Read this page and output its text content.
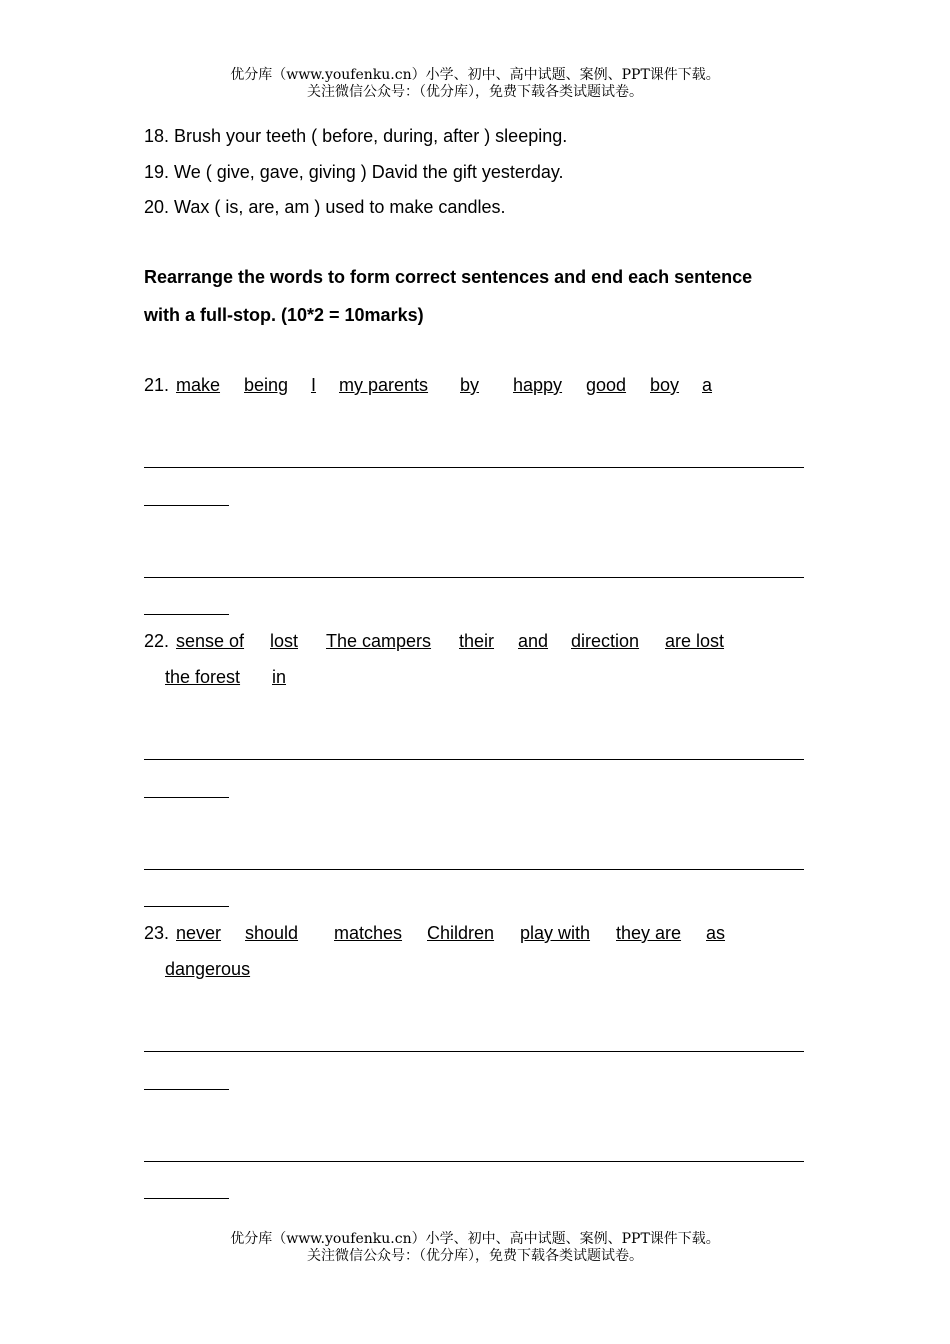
优分库（www.youfenku.cn）小学、初中、高中试题、案例、PPT课件下载。
关注微信公众号：（优分库），免费下载各类试题试卷。
18. Brush your teeth ( before, during, after ) sleeping.
19. We ( give, gave, giving ) David the gift yesterday.
20. Wax ( is, are, am ) used to make candles.
Rearrange the words to form correct sentences and end each sentence
with a full-stop. (10*2 = 10marks)
21. make being I my parents by happy good boy a
22. sense of lost The campers their and direction are lost
the forest in
23. never should matches Children play with they are as
dangerous
优分库（www.youfenku.cn）小学、初中、高中试题、案例、PPT课件下载。
关注微信公众号：（优分库），免费下载各类试题试卷。
